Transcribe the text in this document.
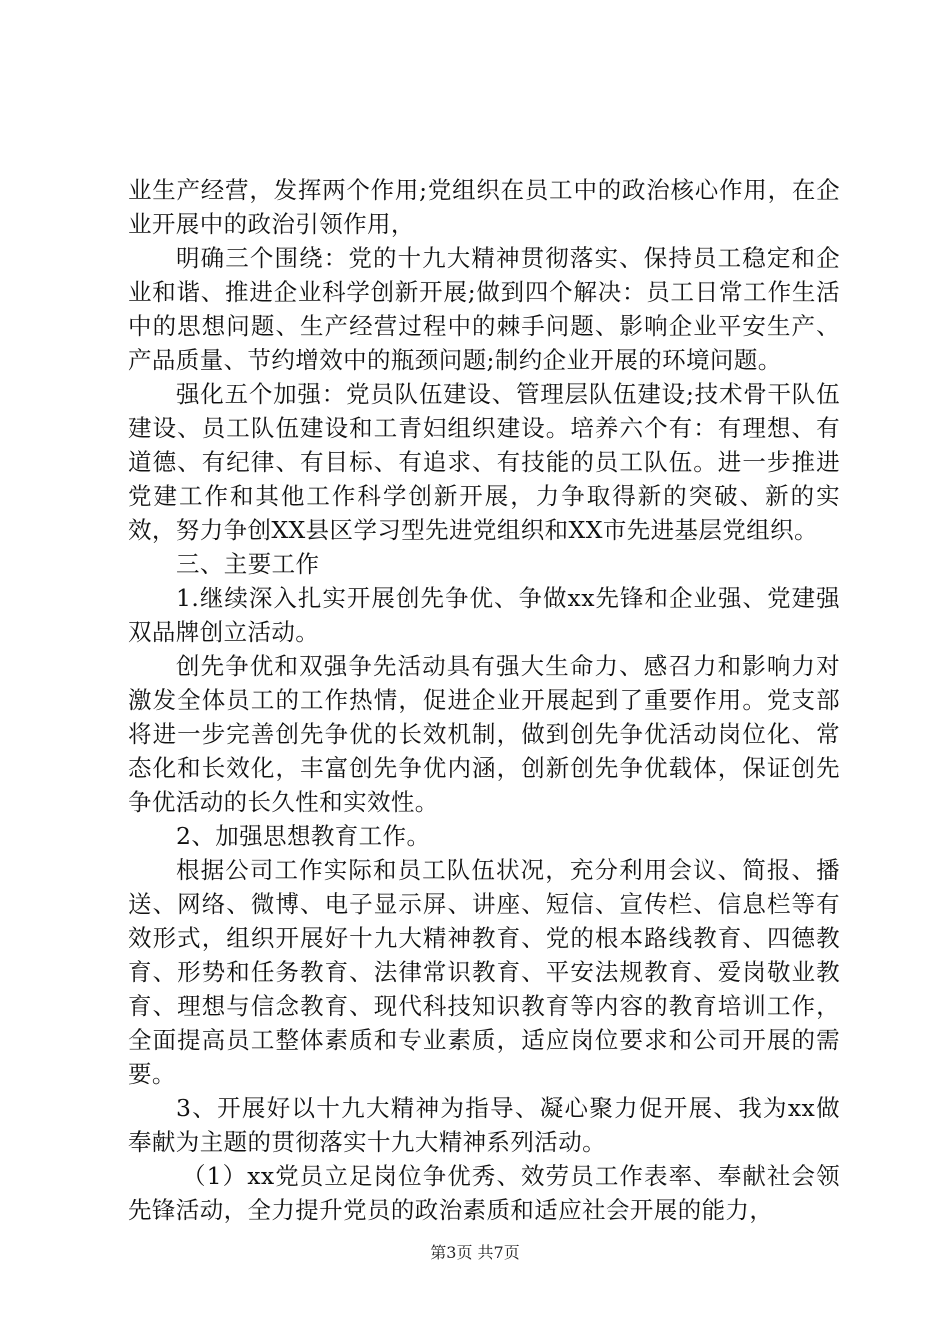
业生产经营，发挥两个作用;党组织在员工中的政治核心作用，在企业开展中的政治引领作用，

明确三个围绕：党的十九大精神贯彻落实、保持员工稳定和企业和谐、推进企业科学创新开展;做到四个解决：员工日常工作生活中的思想问题、生产经营过程中的棘手问题、影响企业平安生产、产品质量、节约增效中的瓶颈问题;制约企业开展的环境问题。

强化五个加强：党员队伍建设、管理层队伍建设;技术骨干队伍建设、员工队伍建设和工青妇组织建设。培养六个有：有理想、有道德、有纪律、有目标、有追求、有技能的员工队伍。进一步推进党建工作和其他工作科学创新开展，力争取得新的突破、新的实效，努力争创XX县区学习型先进党组织和XX市先进基层党组织。

三、主要工作

1.继续深入扎实开展创先争优、争做xx先锋和企业强、党建强双品牌创立活动。

创先争优和双强争先活动具有强大生命力、感召力和影响力对激发全体员工的工作热情，促进企业开展起到了重要作用。党支部将进一步完善创先争优的长效机制，做到创先争优活动岗位化、常态化和长效化，丰富创先争优内涵，创新创先争优载体，保证创先争优活动的长久性和实效性。

2、加强思想教育工作。

根据公司工作实际和员工队伍状况，充分利用会议、简报、播送、网络、微博、电子显示屏、讲座、短信、宣传栏、信息栏等有效形式，组织开展好十九大精神教育、党的根本路线教育、四德教育、形势和任务教育、法律常识教育、平安法规教育、爱岗敬业教育、理想与信念教育、现代科技知识教育等内容的教育培训工作，全面提高员工整体素质和专业素质，适应岗位要求和公司开展的需要。

3、开展好以十九大精神为指导、凝心聚力促开展、我为xx做奉献为主题的贯彻落实十九大精神系列活动。

（1）xx党员立足岗位争优秀、效劳员工作表率、奉献社会领先锋活动，全力提升党员的政治素质和适应社会开展的能力，

第3页 共7页
